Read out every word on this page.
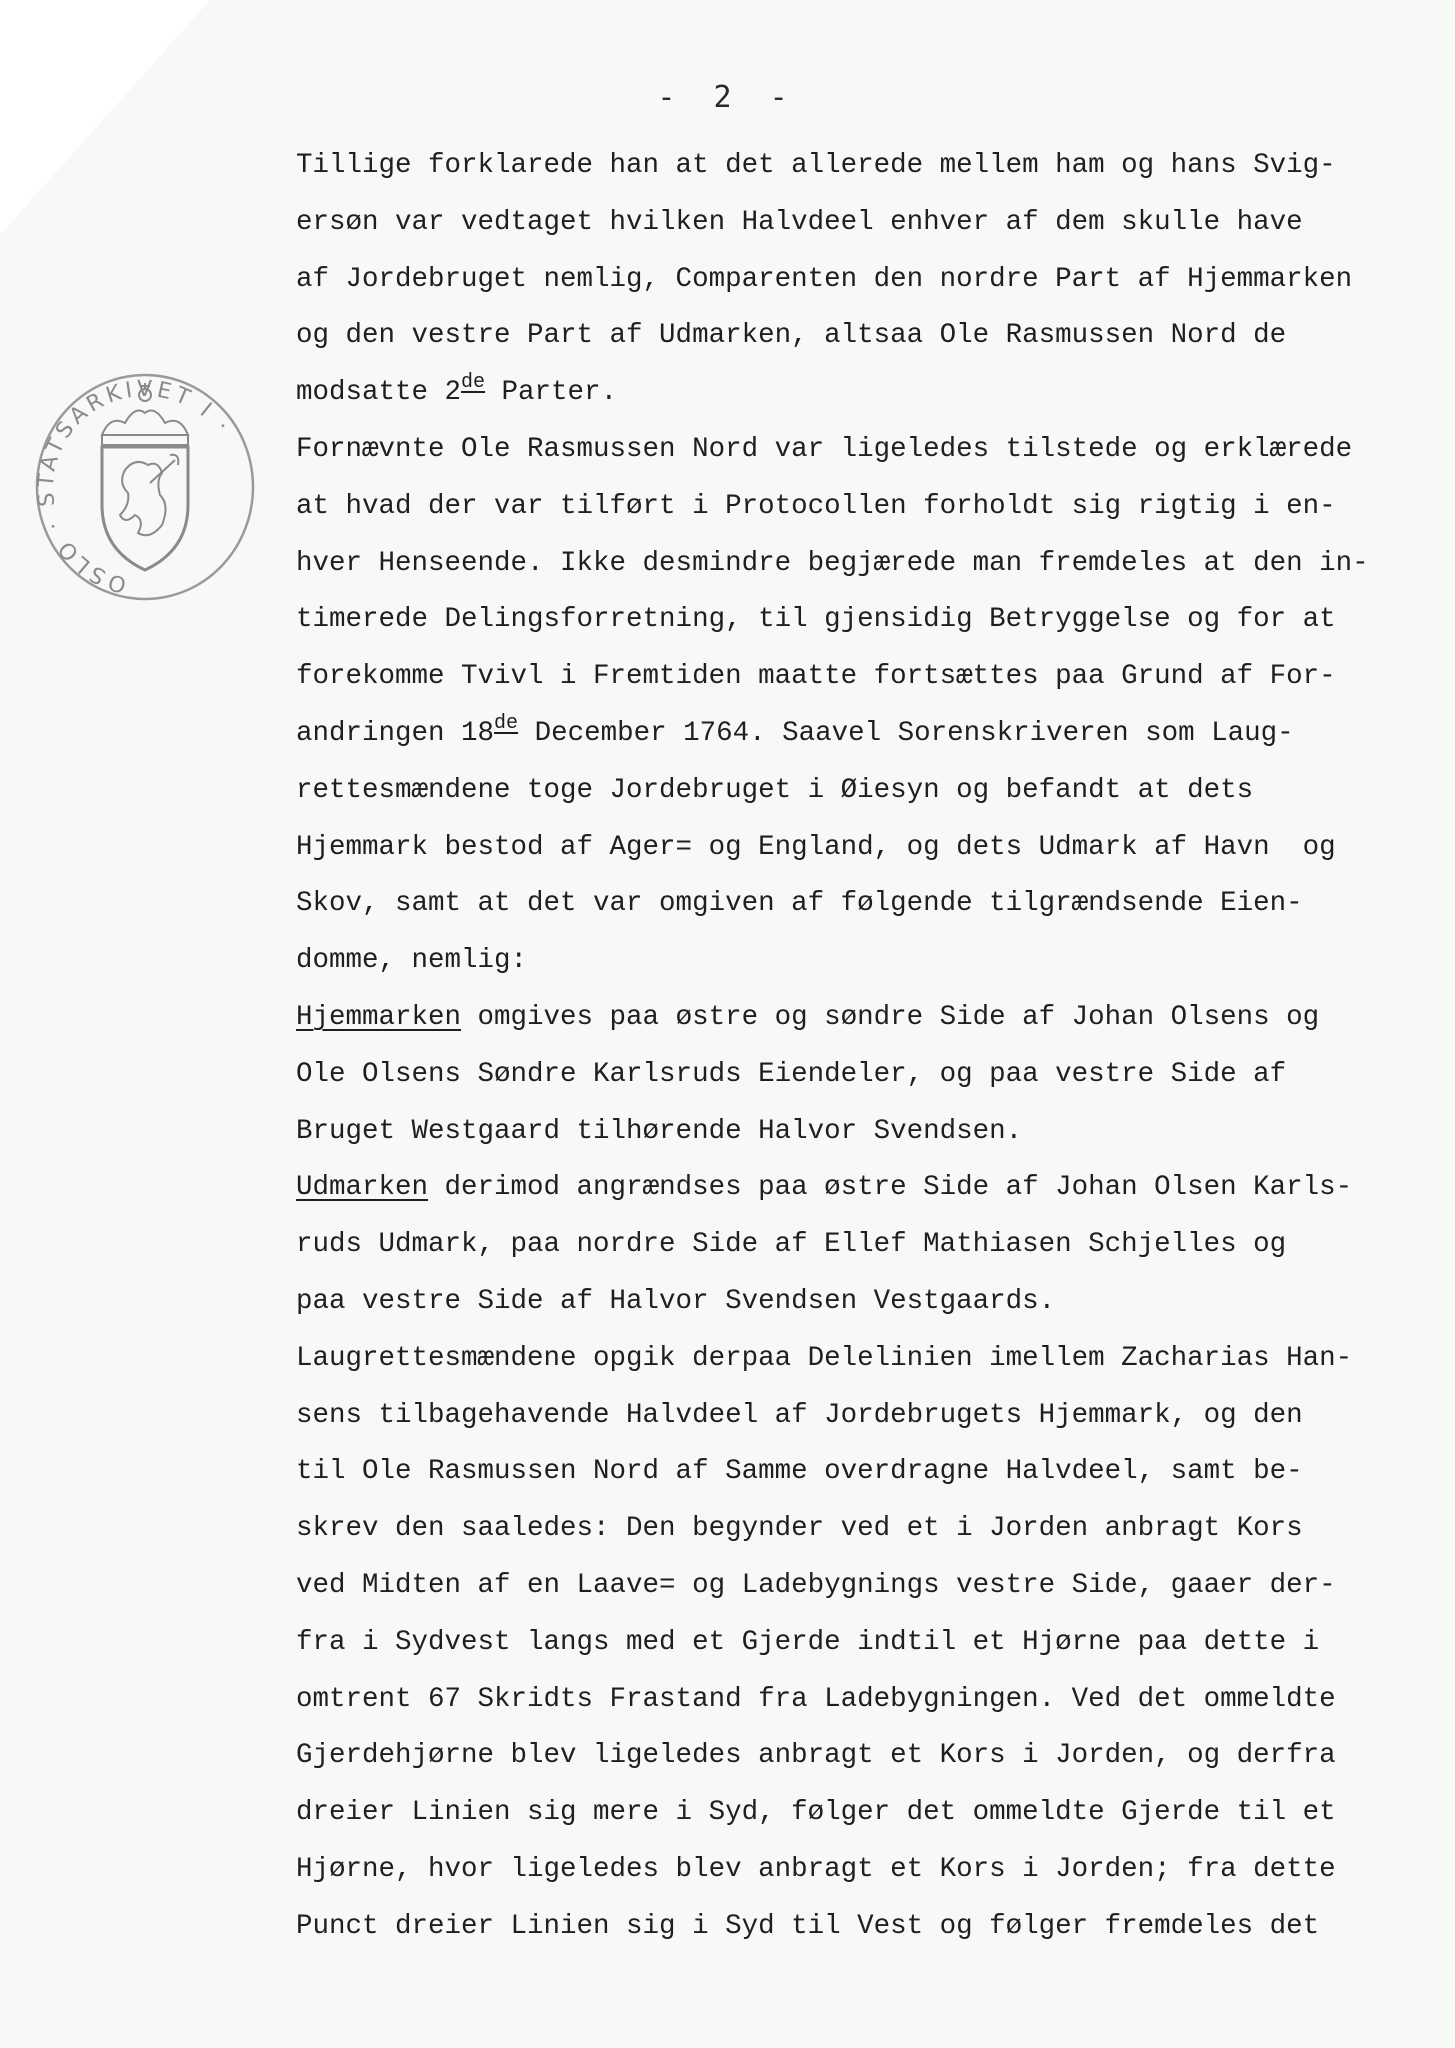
- 2 -
OSLO · STATSARKIVET I ·
Tillige forklarede han at det allerede mellem ham og hans Svig-
ersøn var vedtaget hvilken Halvdeel enhver af dem skulle have
af Jordebruget nemlig, Comparenten den nordre Part af Hjemmarken
og den vestre Part af Udmarken, altsaa Ole Rasmussen Nord de
modsatte 2de Parter.
Fornævnte Ole Rasmussen Nord var ligeledes tilstede og erklærede
at hvad der var tilført i Protocollen forholdt sig rigtig i en-
hver Henseende. Ikke desmindre begjærede man fremdeles at den in-
timerede Delingsforretning, til gjensidig Betryggelse og for at
forekomme Tvivl i Fremtiden maatte fortsættes paa Grund af For-
andringen 18de December 1764. Saavel Sorenskriveren som Laug-
rettesmændene toge Jordebruget i Øiesyn og befandt at dets
Hjemmark bestod af Ager= og England, og dets Udmark af Havn  og
Skov, samt at det var omgiven af følgende tilgrændsende Eien-
domme, nemlig:
Hjemmarken omgives paa østre og søndre Side af Johan Olsens og
Ole Olsens Søndre Karlsruds Eiendeler, og paa vestre Side af
Bruget Westgaard tilhørende Halvor Svendsen.
Udmarken derimod angrændses paa østre Side af Johan Olsen Karls-
ruds Udmark, paa nordre Side af Ellef Mathiasen Schjelles og
paa vestre Side af Halvor Svendsen Vestgaards.
Laugrettesmændene opgik derpaa Delelinien imellem Zacharias Han-
sens tilbagehavende Halvdeel af Jordebrugets Hjemmark, og den
til Ole Rasmussen Nord af Samme overdragne Halvdeel, samt be-
skrev den saaledes: Den begynder ved et i Jorden anbragt Kors
ved Midten af en Laave= og Ladebygnings vestre Side, gaaer der-
fra i Sydvest langs med et Gjerde indtil et Hjørne paa dette i
omtrent 67 Skridts Frastand fra Ladebygningen. Ved det ommeldte
Gjerdehjørne blev ligeledes anbragt et Kors i Jorden, og derfra
dreier Linien sig mere i Syd, følger det ommeldte Gjerde til et
Hjørne, hvor ligeledes blev anbragt et Kors i Jorden; fra dette
Punct dreier Linien sig i Syd til Vest og følger fremdeles det
